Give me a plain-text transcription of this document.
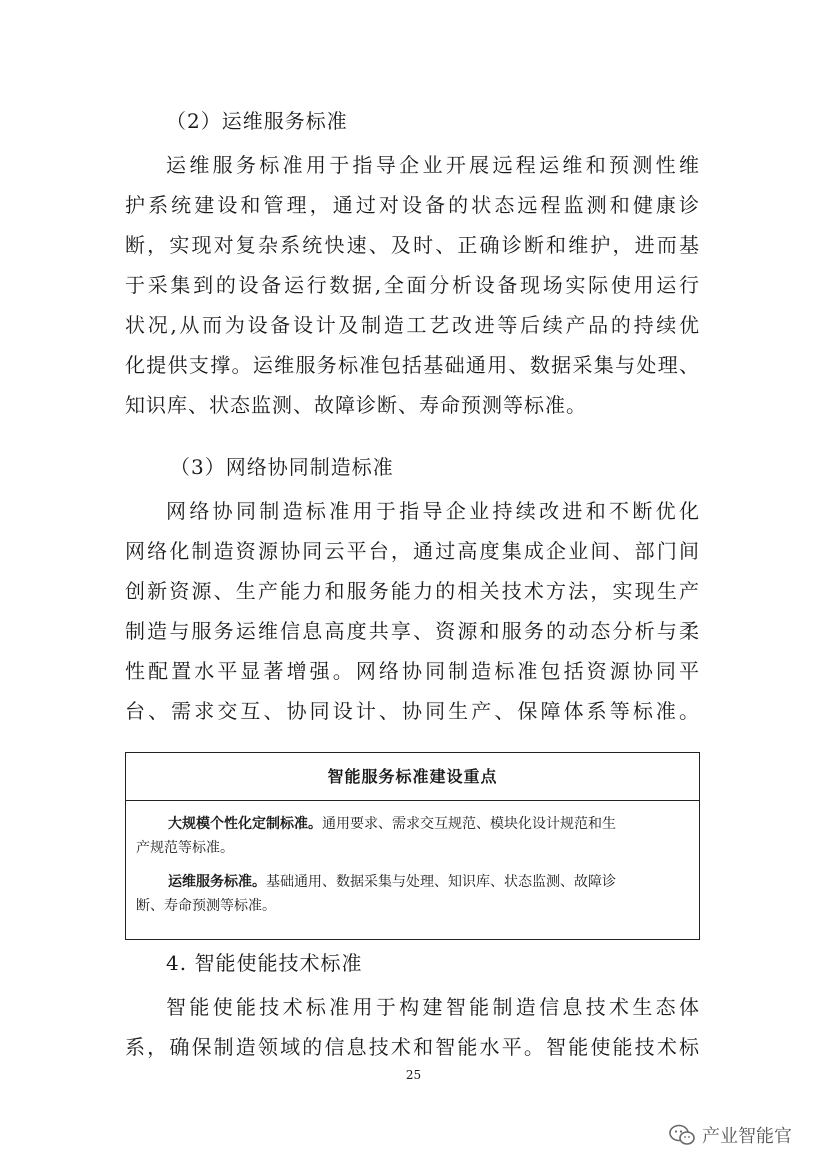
（2）运维服务标准
运维服务标准用于指导企业开展远程运维和预测性维
护系统建设和管理，通过对设备的状态远程监测和健康诊
断，实现对复杂系统快速、及时、正确诊断和维护，进而基
于采集到的设备运行数据,全面分析设备现场实际使用运行
状况,从而为设备设计及制造工艺改进等后续产品的持续优
化提供支撑。运维服务标准包括基础通用、数据采集与处理、
知识库、状态监测、故障诊断、寿命预测等标准。
（3）网络协同制造标准
网络协同制造标准用于指导企业持续改进和不断优化
网络化制造资源协同云平台，通过高度集成企业间、部门间
创新资源、生产能力和服务能力的相关技术方法，实现生产
制造与服务运维信息高度共享、资源和服务的动态分析与柔
性配置水平显著增强。网络协同制造标准包括资源协同平
台、需求交互、协同设计、协同生产、保障体系等标准。
智能服务标准建设重点
大规模个性化定制标准。通用要求、需求交互规范、模块化设计规范和生
产规范等标准。
运维服务标准。基础通用、数据采集与处理、知识库、状态监测、故障诊
断、寿命预测等标准。
4. 智能使能技术标准
智能使能技术标准用于构建智能制造信息技术生态体
系，确保制造领域的信息技术和智能水平。智能使能技术标
25
产业智能官
